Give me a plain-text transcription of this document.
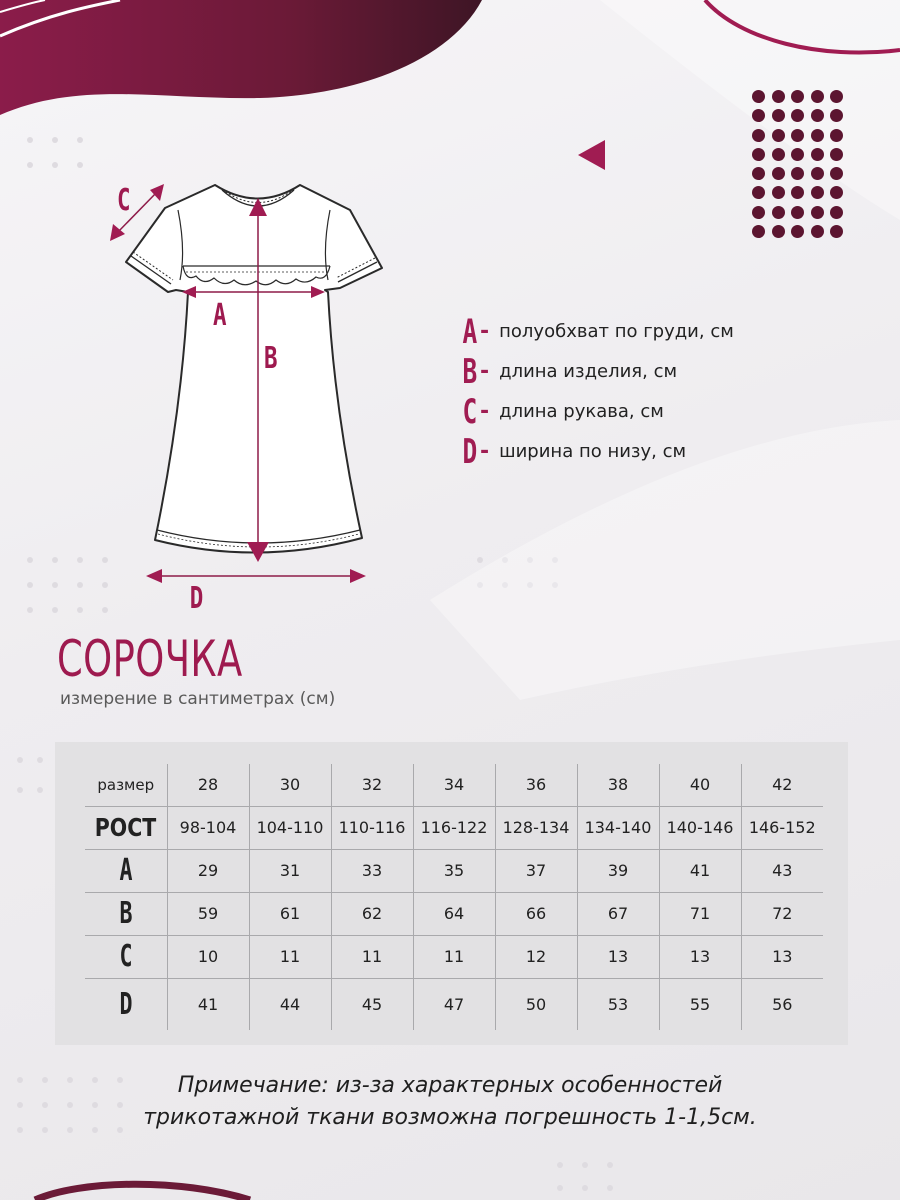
A
B
C
D
A - полуобхват по груди, см
B - длина изделия, см
C - длина рукава, см
D - ширина по низу, см
СОРОЧКА
измерение в сантиметрах (см)
размер	28	30	32	34	36	38	40	42
РОСТ	98-104	104-110	110-116	116-122	128-134	134-140	140-146	146-152
A	29	31	33	35	37	39	41	43
B	59	61	62	64	66	67	71	72
C	10	11	11	11	12	13	13	13
D	41	44	45	47	50	53	55	56
Примечание: из-за характерных особенностей
трикотажной ткани возможна погрешность 1-1,5см.
